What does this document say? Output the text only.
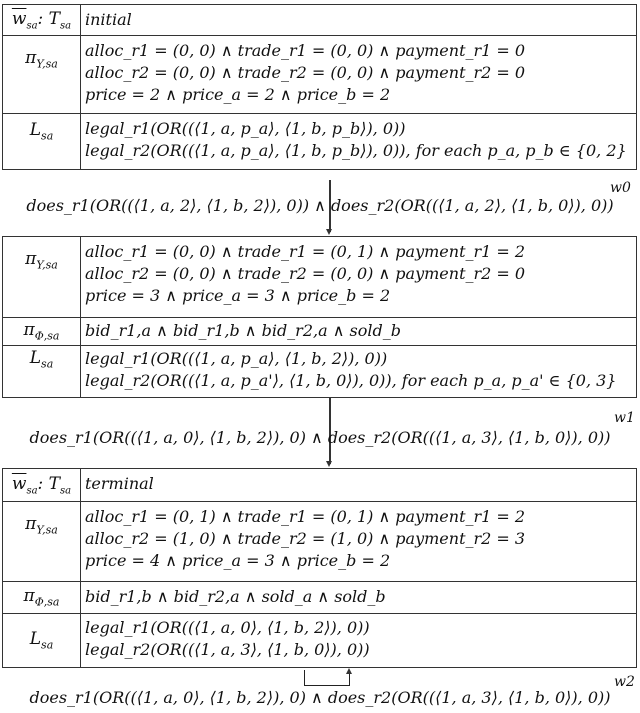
$\overline{w}_{sa}$: $T_{sa}$ initial
$\pi_{Y,sa}$
alloc_r1 = (0, 0) ∧ trade_r1 = (0, 0) ∧ payment_r1 = 0
alloc_r2 = (0, 0) ∧ trade_r2 = (0, 0) ∧ payment_r2 = 0
price = 2 ∧ price_a = 2 ∧ price_b = 2
$L_{sa}$ legal_r1(OR((⟨1, a, p_a⟩, ⟨1, b, p_b⟩), 0))
legal_r2(OR((⟨1, a, p_a⟩, ⟨1, b, p_b⟩), 0)), for each p_a, p_b ∈ {0, 2}
w0
does_r1(OR((⟨1, a, 2⟩, ⟨1, b, 2⟩), 0)) ∧ does_r2(OR((⟨1, a, 2⟩, ⟨1, b, 0⟩), 0))
$\pi_{Y,sa}$
alloc_r1 = (0, 0) ∧ trade_r1 = (0, 1) ∧ payment_r1 = 2
alloc_r2 = (0, 0) ∧ trade_r2 = (0, 0) ∧ payment_r2 = 0
price = 3 ∧ price_a = 3 ∧ price_b = 2
$\pi_{\Phi,sa}$ bid_r1,a ∧ bid_r1,b ∧ bid_r2,a ∧ sold_b
$L_{sa}$ legal_r1(OR((⟨1, a, p_a⟩, ⟨1, b, 2⟩), 0))
legal_r2(OR((⟨1, a, p_a'⟩, ⟨1, b, 0⟩), 0)), for each p_a, p_a' ∈ {0, 3}
w1
does_r1(OR((⟨1, a, 0⟩, ⟨1, b, 2⟩), 0) ∧ does_r2(OR((⟨1, a, 3⟩, ⟨1, b, 0⟩), 0))
$\overline{w}_{sa}$: $T_{sa}$ terminal
$\pi_{Y,sa}$
alloc_r1 = (0, 1) ∧ trade_r1 = (0, 1) ∧ payment_r1 = 2
alloc_r2 = (1, 0) ∧ trade_r2 = (1, 0) ∧ payment_r2 = 3
price = 4 ∧ price_a = 3 ∧ price_b = 2
$\pi_{\Phi,sa}$ bid_r1,b ∧ bid_r2,a ∧ sold_a ∧ sold_b
$L_{sa}$
legal_r1(OR((⟨1, a, 0⟩, ⟨1, b, 2⟩), 0))
legal_r2(OR((⟨1, a, 3⟩, ⟨1, b, 0⟩), 0))
w2
does_r1(OR((⟨1, a, 0⟩, ⟨1, b, 2⟩), 0) ∧ does_r2(OR((⟨1, a, 3⟩, ⟨1, b, 0⟩), 0))
